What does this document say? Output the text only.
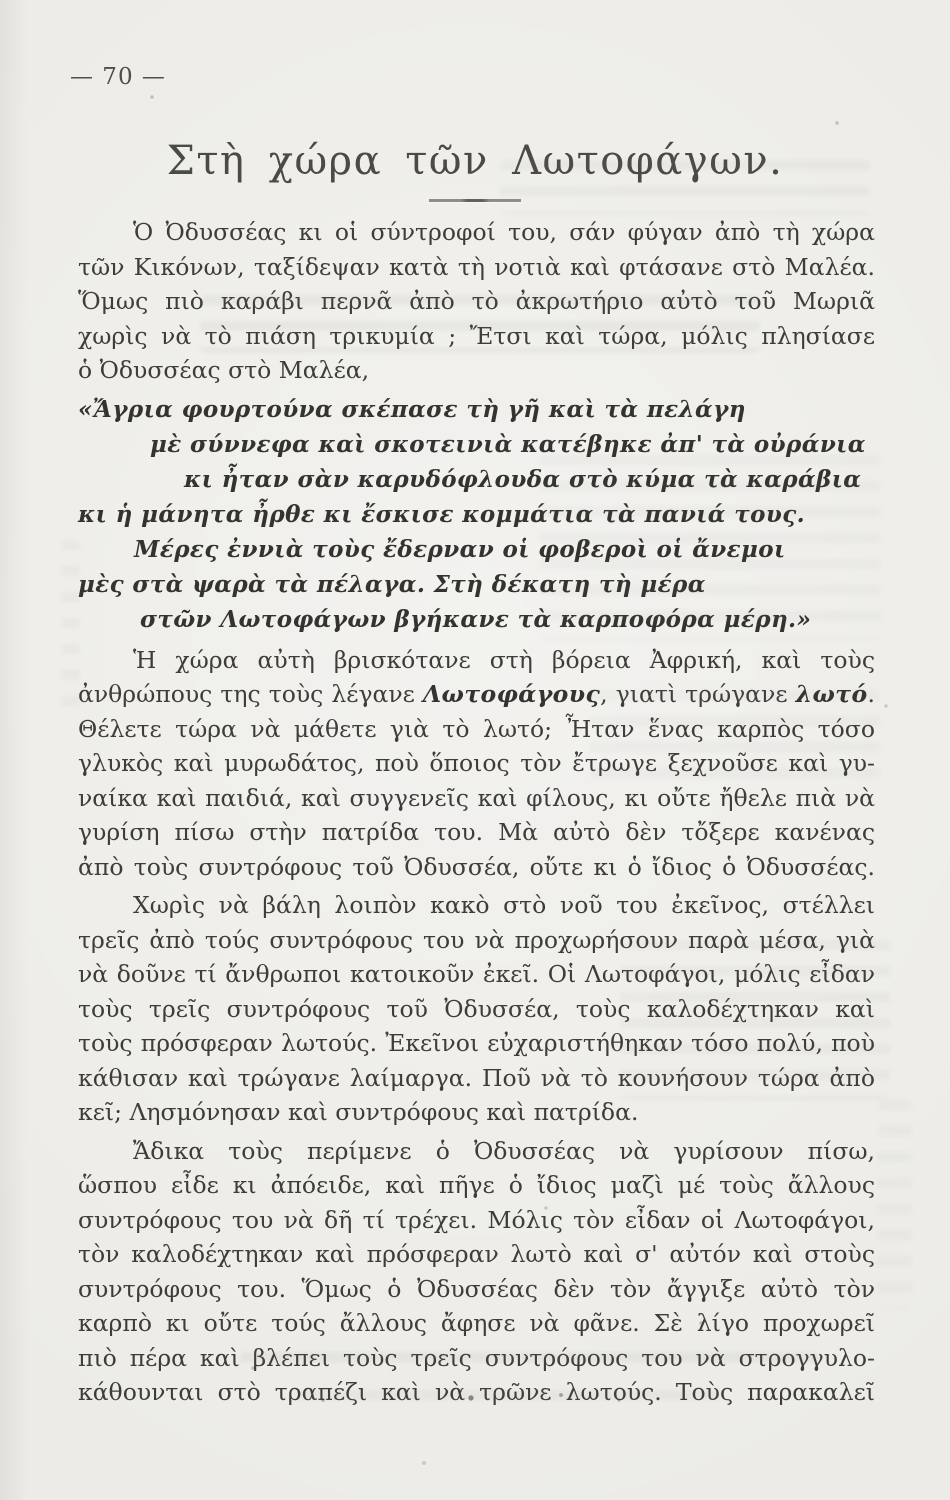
— 70 —
Στὴ χώρα τῶν Λωτοφάγων.
Ὁ Ὀδυσσέας κι οἱ σύντροφοί του, σάν φύγαν ἀπὸ τὴ χώρα
τῶν Κικόνων, ταξίδεψαν κατὰ τὴ νοτιὰ καὶ φτάσανε στὸ Μαλέα.
Ὅμως πιὸ καράβι περνᾶ ἀπὸ τὸ ἀκρωτήριο αὐτὸ τοῦ Μωριᾶ
χωρὶς νὰ τὸ πιάση τρικυμία ; Ἔτσι καὶ τώρα, μόλις πλησίασε
ὁ Ὀδυσσέας στὸ Μαλέα,
«Ἄγρια φουρτούνα σκέπασε τὴ γῆ καὶ τὰ πελάγη
μὲ σύννεφα καὶ σκοτεινιὰ κατέβηκε ἀπ' τὰ οὐράνια
κι ἦταν σὰν καρυδόφλουδα στὸ κύμα τὰ καράβια
κι ἡ μάνητα ἦρθε κι ἔσκισε κομμάτια τὰ πανιά τους.
Μέρες ἐννιὰ τοὺς ἔδερναν οἱ φοβεροὶ οἱ ἄνεμοι
μὲς στὰ ψαρὰ τὰ πέλαγα. Στὴ δέκατη τὴ μέρα
στῶν Λωτοφάγων βγήκανε τὰ καρποφόρα μέρη.»
Ἡ χώρα αὐτὴ βρισκότανε στὴ βόρεια Ἀφρική, καὶ τοὺς
ἀνθρώπους της τοὺς λέγανε Λωτοφάγους, γιατὶ τρώγανε λωτό.
Θέλετε τώρα νὰ μάθετε γιὰ τὸ λωτό; Ἦταν ἕνας καρπὸς τόσο
γλυκὸς καὶ μυρωδάτος, ποὺ ὅποιος τὸν ἔτρωγε ξεχνοῦσε καὶ γυ-
ναίκα καὶ παιδιά, καὶ συγγενεῖς καὶ φίλους, κι οὔτε ἤθελε πιὰ νὰ
γυρίση πίσω στὴν πατρίδα του. Μὰ αὐτὸ δὲν τὄξερε κανένας
ἀπὸ τοὺς συντρόφους τοῦ Ὀδυσσέα, οὔτε κι ὁ ἴδιος ὁ Ὀδυσσέας.
Χωρὶς νὰ βάλη λοιπὸν κακὸ στὸ νοῦ του ἐκεῖνος, στέλλει
τρεῖς ἀπὸ τούς συντρόφους του νὰ προχωρήσουν παρὰ μέσα, γιὰ
νὰ δοῦνε τί ἄνθρωποι κατοικοῦν ἐκεῖ. Οἱ Λωτοφάγοι, μόλις εἶδαν
τοὺς τρεῖς συντρόφους τοῦ Ὀδυσσέα, τοὺς καλοδέχτηκαν καὶ
τοὺς πρόσφεραν λωτούς. Ἐκεῖνοι εὐχαριστήθηκαν τόσο πολύ, ποὺ
κάθισαν καὶ τρώγανε λαίμαργα. Ποῦ νὰ τὸ κουνήσουν τώρα ἀπὸ
κεῖ; Λησμόνησαν καὶ συντρόφους καὶ πατρίδα.
Ἄδικα τοὺς περίμενε ὁ Ὀδυσσέας νὰ γυρίσουν πίσω,
ὥσπου εἶδε κι ἀπόειδε, καὶ πῆγε ὁ ἴδιος μαζὶ μέ τοὺς ἄλλους
συντρόφους του νὰ δῆ τί τρέχει. Μόλις τὸν εἶδαν οἱ Λωτοφάγοι,
τὸν καλοδέχτηκαν καὶ πρόσφεραν λωτὸ καὶ σ' αὐτόν καὶ στοὺς
συντρόφους του. Ὅμως ὁ Ὀδυσσέας δὲν τὸν ἄγγιξε αὐτὸ τὸν
καρπὸ κι οὔτε τούς ἄλλους ἄφησε νὰ φᾶνε. Σὲ λίγο προχωρεῖ
πιὸ πέρα καὶ βλέπει τοὺς τρεῖς συντρόφους του νὰ στρογγυλο-
κάθουνται στὸ τραπέζι καὶ νὰ τρῶνε λωτούς. Τοὺς παρακαλεῖ
